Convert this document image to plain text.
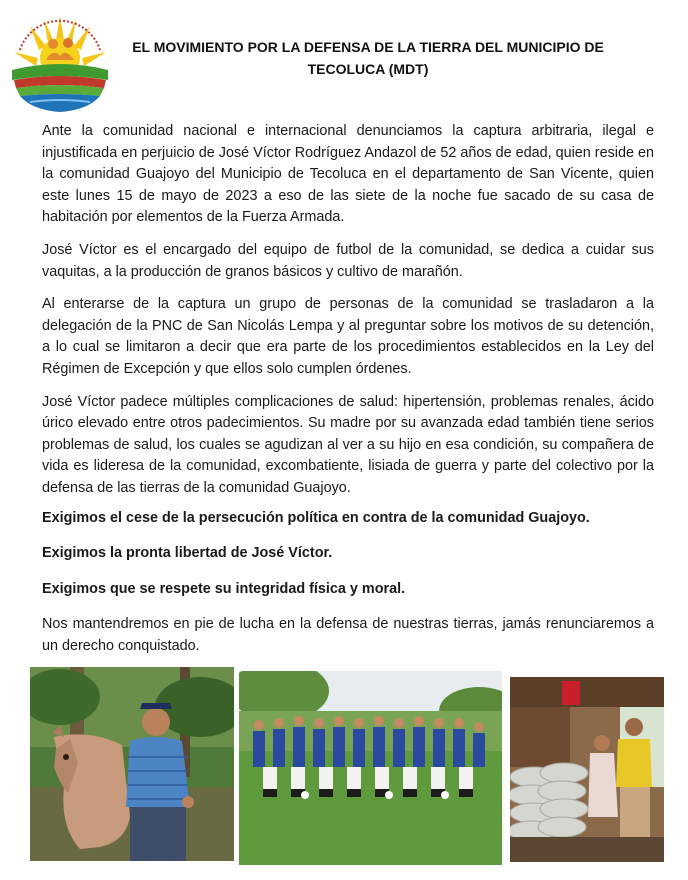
EL MOVIMIENTO POR LA DEFENSA DE LA TIERRA DEL MUNICIPIO DE
TECOLUCA (MDT)

Ante la comunidad nacional e internacional denunciamos la captura arbitraria, ilegal e injustificada en perjuicio de José Víctor Rodríguez Andazol de 52 años de edad, quien reside en la comunidad Guajoyo del Municipio de Tecoluca en el departamento de San Vicente, quien este lunes 15 de mayo de 2023 a eso de las siete de la noche fue sacado de su casa de habitación por elementos de la Fuerza Armada.

José Víctor es el encargado del equipo de futbol de la comunidad, se dedica a cuidar sus vaquitas, a la producción de granos básicos y cultivo de marañón.

Al enterarse de la captura un grupo de personas de la comunidad se trasladaron a la delegación de la PNC de San Nicolás Lempa y al preguntar sobre los motivos de su detención, a lo cual se limitaron a decir que era parte de los procedimientos establecidos en la Ley del Régimen de Excepción y que ellos solo cumplen órdenes.

José Víctor padece múltiples complicaciones de salud: hipertensión, problemas renales, ácido úrico elevado entre otros padecimientos. Su madre por su avanzada edad también tiene serios problemas de salud, los cuales se agudizan al ver a su hijo en esa condición, su compañera de vida es lideresa de la comunidad, excombatiente, lisiada de guerra y parte del colectivo por la defensa de las tierras de la comunidad Guajoyo.

Exigimos el cese de la persecución política en contra de la comunidad Guajoyo.

Exigimos la pronta libertad de José Víctor.

Exigimos que se respete su integridad física y moral.

Nos mantendremos en pie de lucha en la defensa de nuestras tierras, jamás renunciaremos a un derecho conquistado.
